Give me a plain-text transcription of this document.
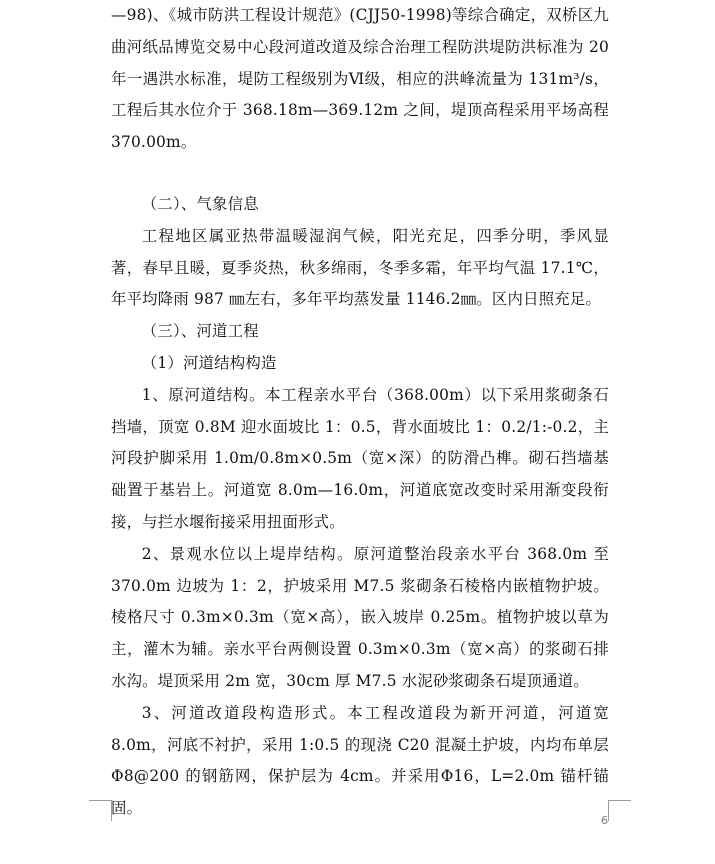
—98)、《城市防洪工程设计规范》(CJJ50-1998)等综合确定，双桥区九曲河纸品博览交易中心段河道改道及综合治理工程防洪堤防洪标准为 20 年一遇洪水标准，堤防工程级别为Ⅵ级，相应的洪峰流量为 131m³/s，工程后其水位介于 368.18m—369.12m 之间，堤顶高程采用平场高程 370.00m。

（二）、气象信息

工程地区属亚热带温暖湿润气候，阳光充足，四季分明，季风显著，春早且暖，夏季炎热，秋多绵雨，冬季多霜，年平均气温 17.1℃，年平均降雨 987 ㎜左右，多年平均蒸发量 1146.2㎜。区内日照充足。

（三）、河道工程

（1）河道结构构造

1、原河道结构。本工程亲水平台（368.00m）以下采用浆砌条石挡墙，顶宽 0.8M 迎水面坡比 1：0.5，背水面坡比 1：0.2/1:-0.2，主河段护脚采用 1.0m/0.8m×0.5m（宽×深）的防滑凸榫。砌石挡墙基础置于基岩上。河道宽 8.0m—16.0m，河道底宽改变时采用渐变段衔接，与拦水堰衔接采用扭面形式。

2、景观水位以上堤岸结构。原河道整治段亲水平台 368.0m 至 370.0m 边坡为 1：2，护坡采用 M7.5 浆砌条石棱格内嵌植物护坡。棱格尺寸 0.3m×0.3m（宽×高），嵌入坡岸 0.25m。植物护坡以草为主，灌木为辅。亲水平台两侧设置 0.3m×0.3m（宽×高）的浆砌石排水沟。堤顶采用 2m 宽，30cm 厚 M7.5 水泥砂浆砌条石堤顶通道。

3、河道改道段构造形式。本工程改道段为新开河道，河道宽 8.0m，河底不衬护，采用 1:0.5 的现浇 C20 混凝土护坡，内均布单层Φ8@200 的钢筋网，保护层为 4cm。并采用Φ16，L=2.0m 锚杆锚固。

6
